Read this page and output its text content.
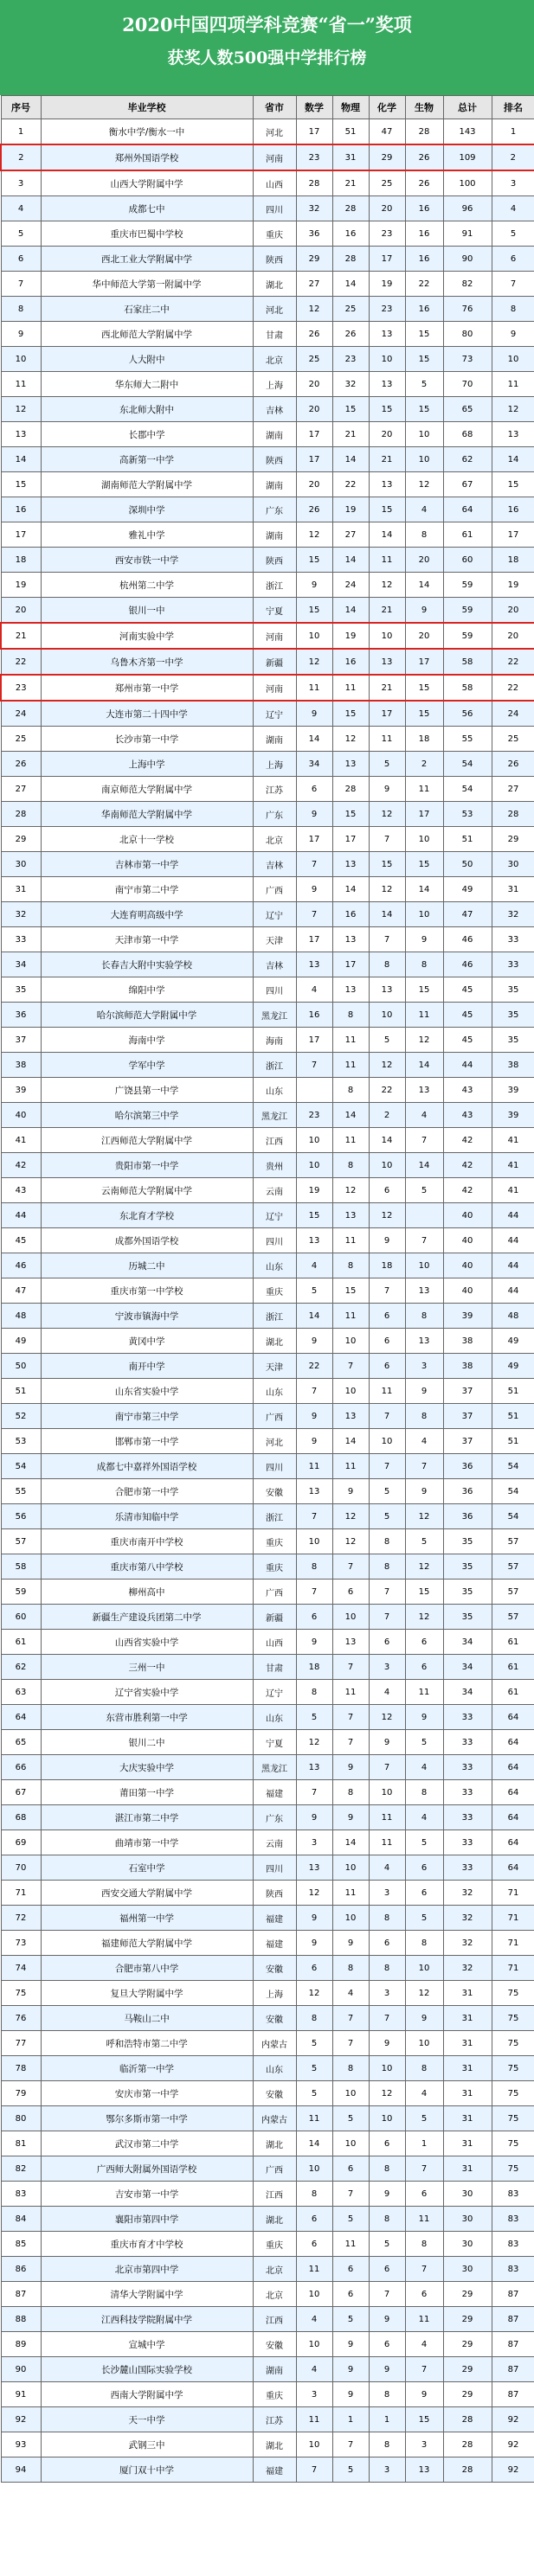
2020中国四项学科竞赛“省一”奖项
获奖人数500强中学排行榜
序号	毕业学校	省市	数学	物理	化学	生物	总计	排名
1	衡水中学/衡水一中	河北	17	51	47	28	143	1
2	郑州外国语学校	河南	23	31	29	26	109	2
3	山西大学附属中学	山西	28	21	25	26	100	3
4	成都七中	四川	32	28	20	16	96	4
5	重庆市巴蜀中学校	重庆	36	16	23	16	91	5
6	西北工业大学附属中学	陕西	29	28	17	16	90	6
7	华中师范大学第一附属中学	湖北	27	14	19	22	82	7
8	石家庄二中	河北	12	25	23	16	76	8
9	西北师范大学附属中学	甘肃	26	26	13	15	80	9
10	人大附中	北京	25	23	10	15	73	10
11	华东师大二附中	上海	20	32	13	5	70	11
12	东北师大附中	吉林	20	15	15	15	65	12
13	长郡中学	湖南	17	21	20	10	68	13
14	高新第一中学	陕西	17	14	21	10	62	14
15	湖南师范大学附属中学	湖南	20	22	13	12	67	15
16	深圳中学	广东	26	19	15	4	64	16
17	雅礼中学	湖南	12	27	14	8	61	17
18	西安市铁一中学	陕西	15	14	11	20	60	18
19	杭州第二中学	浙江	9	24	12	14	59	19
20	银川一中	宁夏	15	14	21	9	59	20
21	河南实验中学	河南	10	19	10	20	59	20
22	乌鲁木齐第一中学	新疆	12	16	13	17	58	22
23	郑州市第一中学	河南	11	11	21	15	58	22
24	大连市第二十四中学	辽宁	9	15	17	15	56	24
25	长沙市第一中学	湖南	14	12	11	18	55	25
26	上海中学	上海	34	13	5	2	54	26
27	南京师范大学附属中学	江苏	6	28	9	11	54	27
28	华南师范大学附属中学	广东	9	15	12	17	53	28
29	北京十一学校	北京	17	17	7	10	51	29
30	吉林市第一中学	吉林	7	13	15	15	50	30
31	南宁市第二中学	广西	9	14	12	14	49	31
32	大连育明高级中学	辽宁	7	16	14	10	47	32
33	天津市第一中学	天津	17	13	7	9	46	33
34	长春吉大附中实验学校	吉林	13	17	8	8	46	33
35	绵阳中学	四川	4	13	13	15	45	35
36	哈尔滨师范大学附属中学	黑龙江	16	8	10	11	45	35
37	海南中学	海南	17	11	5	12	45	35
38	学军中学	浙江	7	11	12	14	44	38
39	广饶县第一中学	山东		8	22	13	43	39
40	哈尔滨第三中学	黑龙江	23	14	2	4	43	39
41	江西师范大学附属中学	江西	10	11	14	7	42	41
42	贵阳市第一中学	贵州	10	8	10	14	42	41
43	云南师范大学附属中学	云南	19	12	6	5	42	41
44	东北育才学校	辽宁	15	13	12		40	44
45	成都外国语学校	四川	13	11	9	7	40	44
46	历城二中	山东	4	8	18	10	40	44
47	重庆市第一中学校	重庆	5	15	7	13	40	44
48	宁波市镇海中学	浙江	14	11	6	8	39	48
49	黄冈中学	湖北	9	10	6	13	38	49
50	南开中学	天津	22	7	6	3	38	49
51	山东省实验中学	山东	7	10	11	9	37	51
52	南宁市第三中学	广西	9	13	7	8	37	51
53	邯郸市第一中学	河北	9	14	10	4	37	51
54	成都七中嘉祥外国语学校	四川	11	11	7	7	36	54
55	合肥市第一中学	安徽	13	9	5	9	36	54
56	乐清市知临中学	浙江	7	12	5	12	36	54
57	重庆市南开中学校	重庆	10	12	8	5	35	57
58	重庆市第八中学校	重庆	8	7	8	12	35	57
59	柳州高中	广西	7	6	7	15	35	57
60	新疆生产建设兵团第二中学	新疆	6	10	7	12	35	57
61	山西省实验中学	山西	9	13	6	6	34	61
62	三州一中	甘肃	18	7	3	6	34	61
63	辽宁省实验中学	辽宁	8	11	4	11	34	61
64	东营市胜利第一中学	山东	5	7	12	9	33	64
65	银川二中	宁夏	12	7	9	5	33	64
66	大庆实验中学	黑龙江	13	9	7	4	33	64
67	莆田第一中学	福建	7	8	10	8	33	64
68	湛江市第二中学	广东	9	9	11	4	33	64
69	曲靖市第一中学	云南	3	14	11	5	33	64
70	石室中学	四川	13	10	4	6	33	64
71	西安交通大学附属中学	陕西	12	11	3	6	32	71
72	福州第一中学	福建	9	10	8	5	32	71
73	福建师范大学附属中学	福建	9	9	6	8	32	71
74	合肥市第八中学	安徽	6	8	8	10	32	71
75	复旦大学附属中学	上海	12	4	3	12	31	75
76	马鞍山二中	安徽	8	7	7	9	31	75
77	呼和浩特市第二中学	内蒙古	5	7	9	10	31	75
78	临沂第一中学	山东	5	8	10	8	31	75
79	安庆市第一中学	安徽	5	10	12	4	31	75
80	鄂尔多斯市第一中学	内蒙古	11	5	10	5	31	75
81	武汉市第二中学	湖北	14	10	6	1	31	75
82	广西师大附属外国语学校	广西	10	6	8	7	31	75
83	吉安市第一中学	江西	8	7	9	6	30	83
84	襄阳市第四中学	湖北	6	5	8	11	30	83
85	重庆市育才中学校	重庆	6	11	5	8	30	83
86	北京市第四中学	北京	11	6	6	7	30	83
87	清华大学附属中学	北京	10	6	7	6	29	87
88	江西科技学院附属中学	江西	4	5	9	11	29	87
89	宣城中学	安徽	10	9	6	4	29	87
90	长沙麓山国际实验学校	湖南	4	9	9	7	29	87
91	西南大学附属中学	重庆	3	9	8	9	29	87
92	天一中学	江苏	11	1	1	15	28	92
93	武钢三中	湖北	10	7	8	3	28	92
94	厦门双十中学	福建	7	5	3	13	28	92
